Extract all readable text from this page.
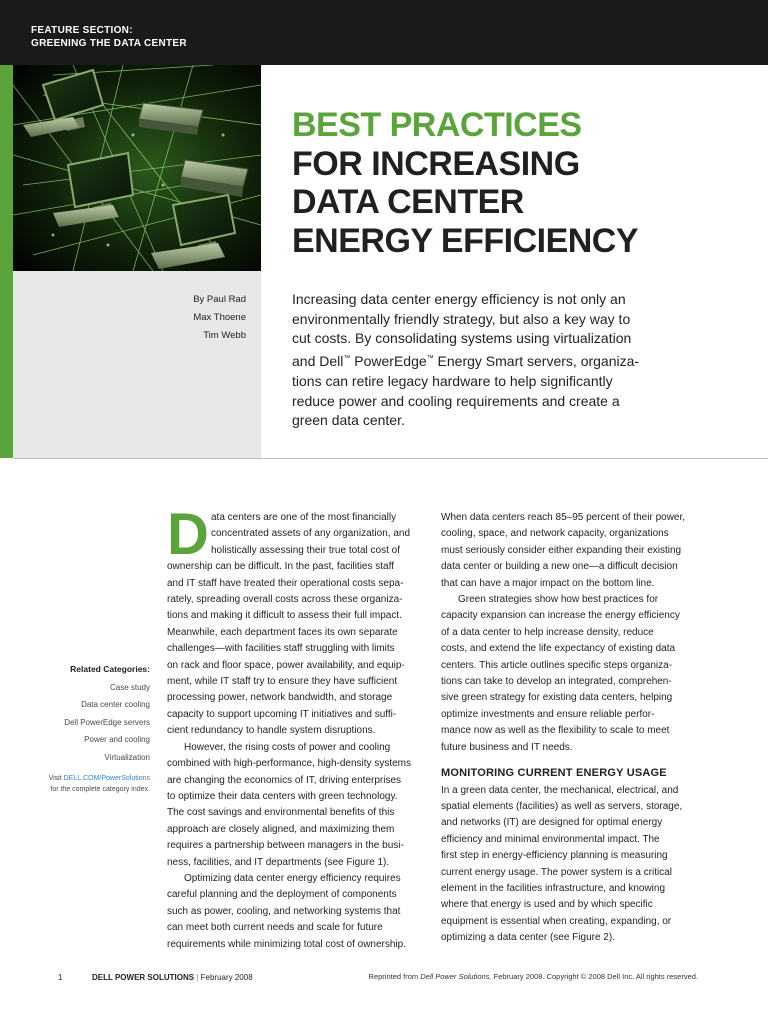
FEATURE SECTION:
GREENING THE DATA CENTER
BEST PRACTICES
FOR INCREASING
DATA CENTER
ENERGY EFFICIENCY
By Paul Rad
Max Thoene
Tim Webb
Increasing data center energy efficiency is not only an
environmentally friendly strategy, but also a key way to
cut costs. By consolidating systems using virtualization
and Dell™ PowerEdge™ Energy Smart servers, organiza-
tions can retire legacy hardware to help significantly
reduce power and cooling requirements and create a
green data center.
Related Categories:
Case study
Data center cooling
Dell PowerEdge servers
Power and cooling
Virtualization
Visit DELL.COM/PowerSolutions
for the complete category index.
D ata centers are one of the most financially
concentrated assets of any organization, and
holistically assessing their true total cost of
ownership can be difficult. In the past, facilities staff
and IT staff have treated their operational costs sepa-
rately, spreading overall costs across these organiza-
tions and making it difficult to assess their full impact.
Meanwhile, each department faces its own separate
challenges—with facilities staff struggling with limits
on rack and floor space, power availability, and equip-
ment, while IT staff try to ensure they have sufficient
processing power, network bandwidth, and storage
capacity to support upcoming IT initiatives and suffi-
cient redundancy to handle system disruptions.
However, the rising costs of power and cooling
combined with high-performance, high-density systems
are changing the economics of IT, driving enterprises
to optimize their data centers with green technology.
The cost savings and environmental benefits of this
approach are closely aligned, and maximizing them
requires a partnership between managers in the busi-
ness, facilities, and IT departments (see Figure 1).
Optimizing data center energy efficiency requires
careful planning and the deployment of components
such as power, cooling, and networking systems that
can meet both current needs and scale for future
requirements while minimizing total cost of ownership.
When data centers reach 85–95 percent of their power,
cooling, space, and network capacity, organizations
must seriously consider either expanding their existing
data center or building a new one—a difficult decision
that can have a major impact on the bottom line.
Green strategies show how best practices for
capacity expansion can increase the energy efficiency
of a data center to help increase density, reduce
costs, and extend the life expectancy of existing data
centers. This article outlines specific steps organiza-
tions can take to develop an integrated, comprehen-
sive green strategy for existing data centers, helping
optimize investments and ensure reliable perfor-
mance now as well as the flexibility to scale to meet
future business and IT needs.
MONITORING CURRENT ENERGY USAGE
In a green data center, the mechanical, electrical, and
spatial elements (facilities) as well as servers, storage,
and networks (IT) are designed for optimal energy
efficiency and minimal environmental impact. The
first step in energy-efficiency planning is measuring
current energy usage. The power system is a critical
element in the facilities infrastructure, and knowing
where that energy is used and by which specific
equipment is essential when creating, expanding, or
optimizing a data center (see Figure 2).
1	DELL POWER SOLUTIONS | February 2008	Reprinted from Dell Power Solutions, February 2008. Copyright © 2008 Dell Inc. All rights reserved.
